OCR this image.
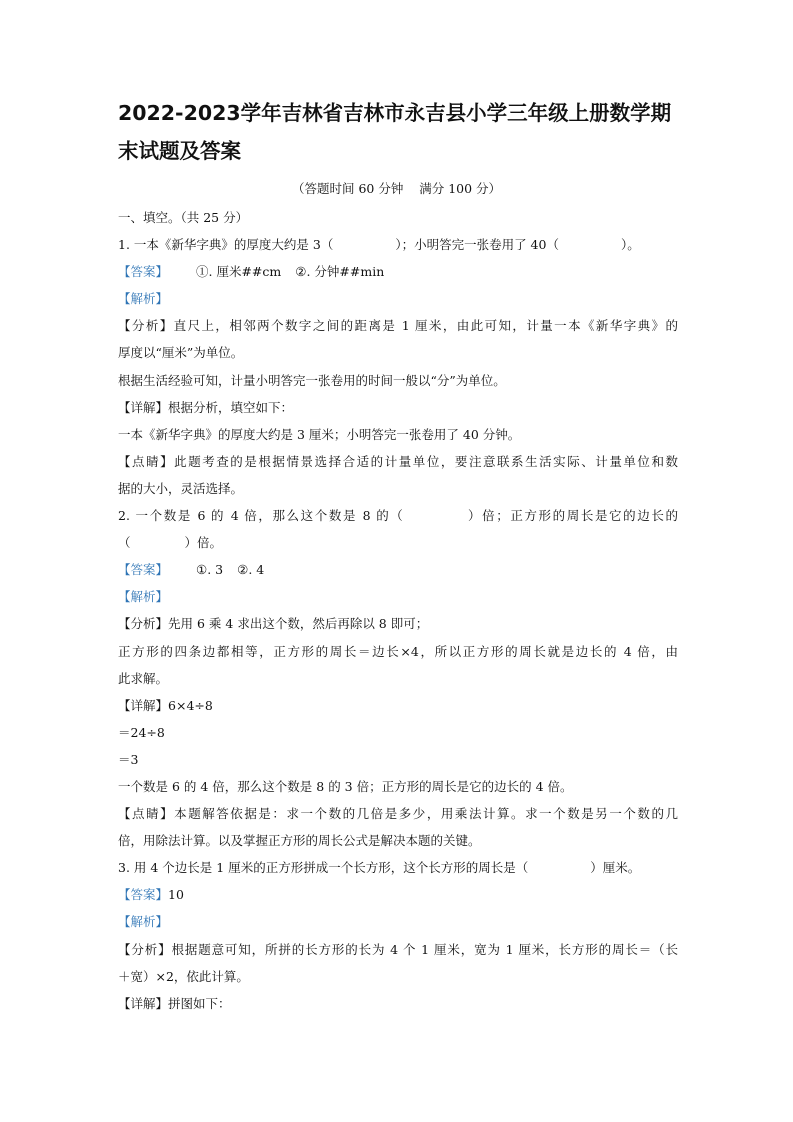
2022-2023学年吉林省吉林市永吉县小学三年级上册数学期末试题及答案
（答题时间 60 分钟    满分 100 分）
一、填空。（共 25 分）
1. 一本《新华字典》的厚度大约是 3（	）；小明答完一张卷用了 40（	）。
【答案】 ①. 厘米##cm ②. 分钟##min
【解析】
【分析】直尺上，相邻两个数字之间的距离是 1 厘米，由此可知，计量一本《新华字典》的
厚度以“厘米”为单位。
根据生活经验可知，计量小明答完一张卷用的时间一般以“分”为单位。
【详解】根据分析，填空如下：
一本《新华字典》的厚度大约是 3 厘米；小明答完一张卷用了 40 分钟。
【点睛】此题考查的是根据情景选择合适的计量单位，要注意联系生活实际、计量单位和数
据的大小，灵活选择。
2. 一个数是 6 的 4 倍，那么这个数是 8 的（	）倍；正方形的周长是它的边长的
（	）倍。
【答案】 ①. 3 ②. 4
【解析】
【分析】先用 6 乘 4 求出这个数，然后再除以 8 即可；
正方形的四条边都相等，正方形的周长＝边长×4，所以正方形的周长就是边长的 4 倍，由
此求解。
【详解】6×4÷8
＝24÷8
＝3
一个数是 6 的 4 倍，那么这个数是 8 的 3 倍；正方形的周长是它的边长的 4 倍。
【点睛】本题解答依据是：求一个数的几倍是多少，用乘法计算。求一个数是另一个数的几
倍，用除法计算。以及掌握正方形的周长公式是解决本题的关键。
3. 用 4 个边长是 1 厘米的正方形拼成一个长方形，这个长方形的周长是（	）厘米。
【答案】10
【解析】
【分析】根据题意可知，所拼的长方形的长为 4 个 1 厘米，宽为 1 厘米，长方形的周长＝（长
＋宽）×2，依此计算。
【详解】拼图如下：
